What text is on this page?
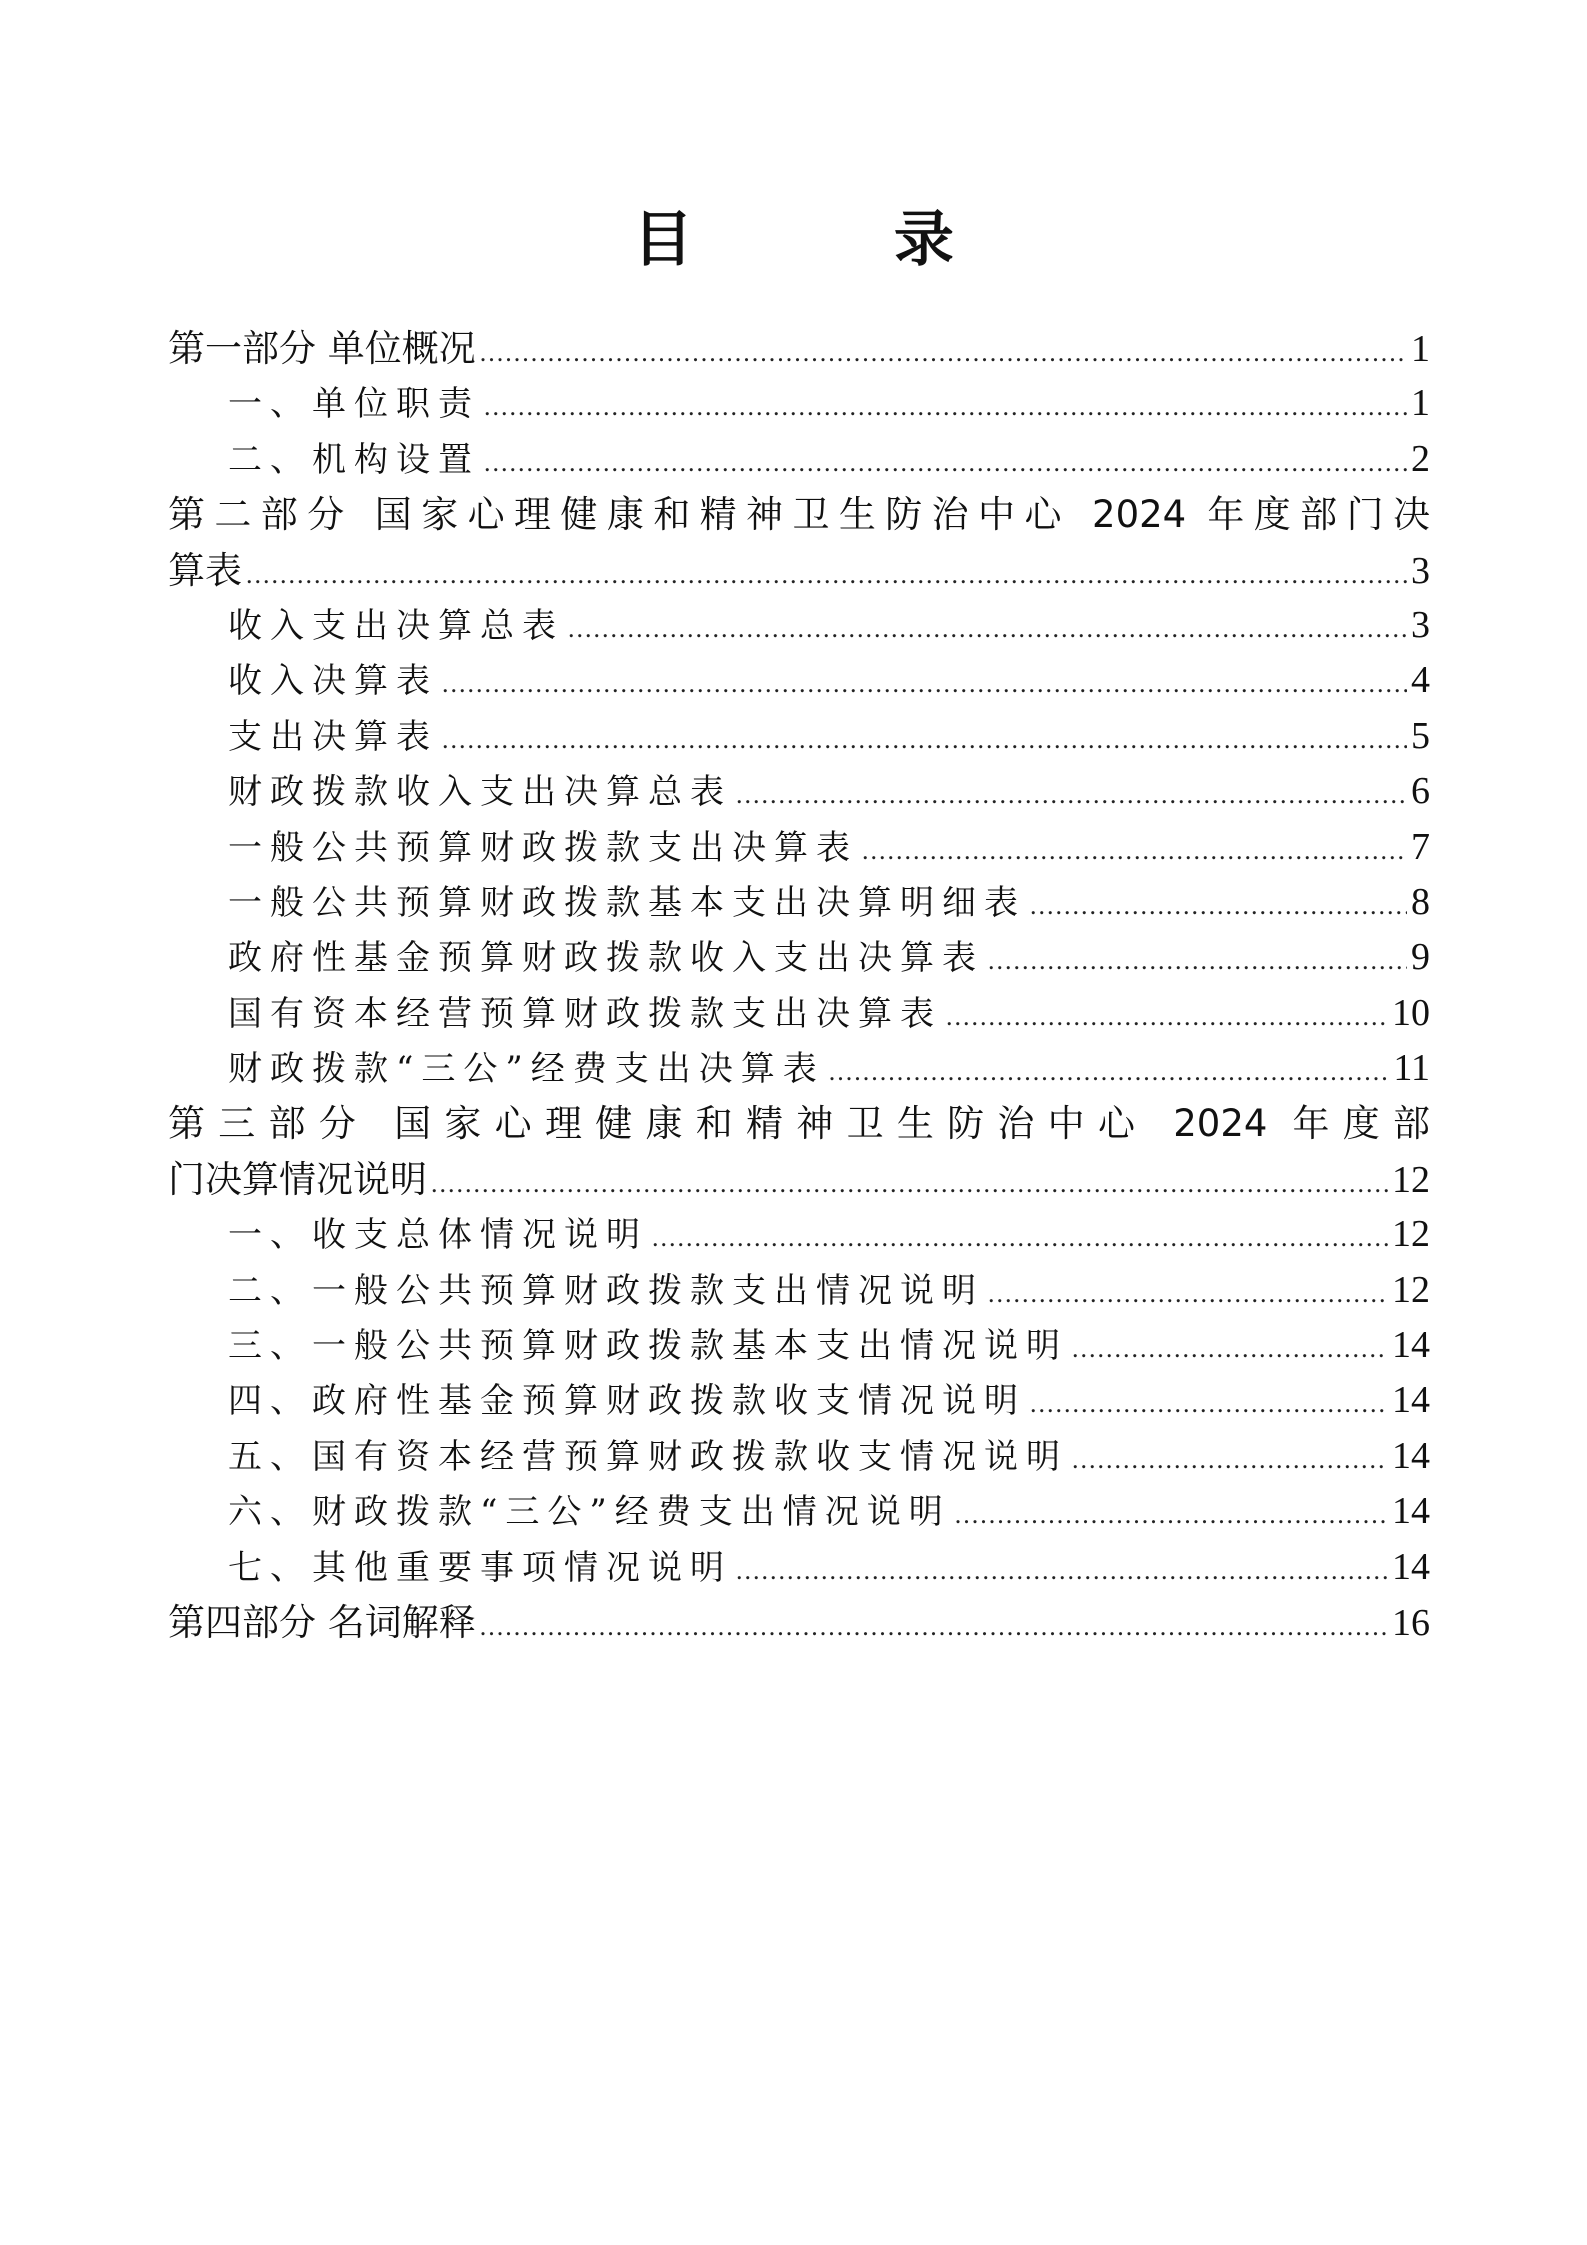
目 录
第一部分 单位概况 .....	1
一、单位职责 .....	1
二、机构设置 .....	2
第二部分 国家心理健康和精神卫生防治中心 2024 年度部门决
算表 .....	3
收入支出决算总表 .....	3
收入决算表 .....	4
支出决算表 .....	5
财政拨款收入支出决算总表 .....	6
一般公共预算财政拨款支出决算表 .....	7
一般公共预算财政拨款基本支出决算明细表 .....	8
政府性基金预算财政拨款收入支出决算表 .....	9
国有资本经营预算财政拨款支出决算表 .....	10
财政拨款“三公”经费支出决算表 .....	11
第三部分 国家心理健康和精神卫生防治中心 2024 年度部
门决算情况说明 .....	12
一、收支总体情况说明 .....	12
二、一般公共预算财政拨款支出情况说明 .....	12
三、一般公共预算财政拨款基本支出情况说明 .....	14
四、政府性基金预算财政拨款收支情况说明 .....	14
五、国有资本经营预算财政拨款收支情况说明 .....	14
六、财政拨款“三公”经费支出情况说明 .....	14
七、其他重要事项情况说明 .....	14
第四部分 名词解释 .....	16
